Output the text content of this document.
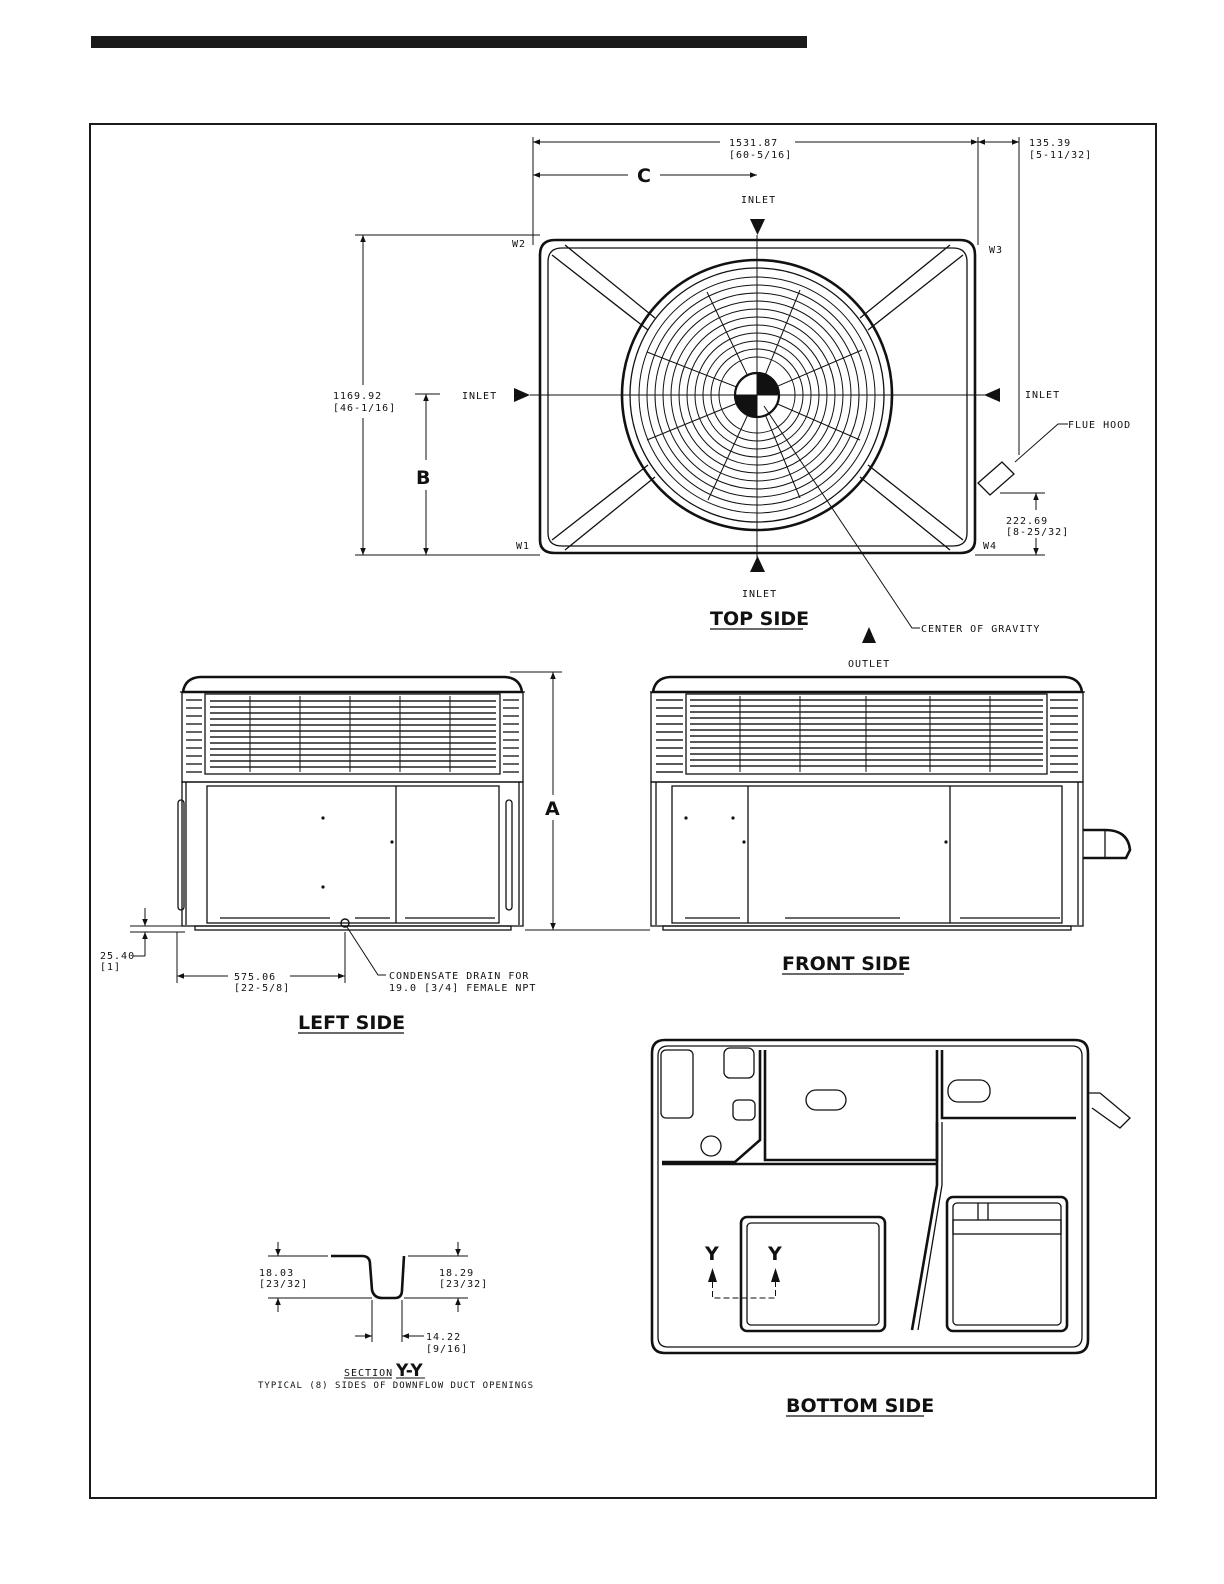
1531.87
[60-5/16]
135.39
[5-11/32]
C
INLET
1169.92
[46-1/16]
B
INLET	INLET
W2
W3
W1	W4
INLET
FLUE HOOD
222.69
[8-25/32]
CENTER OF GRAVITY
TOP SIDE
OUTLET
A
25.40
[1]
575.06
[22-5/8]
CONDENSATE DRAIN FOR
19.0 [3/4] FEMALE NPT
LEFT SIDE
FRONT SIDE
Y	Y
BOTTOM SIDE
18.03
[23/32]
18.29
[23/32]
14.22
[9/16]
SECTION Y-Y
TYPICAL (8) SIDES OF DOWNFLOW DUCT OPENINGS
